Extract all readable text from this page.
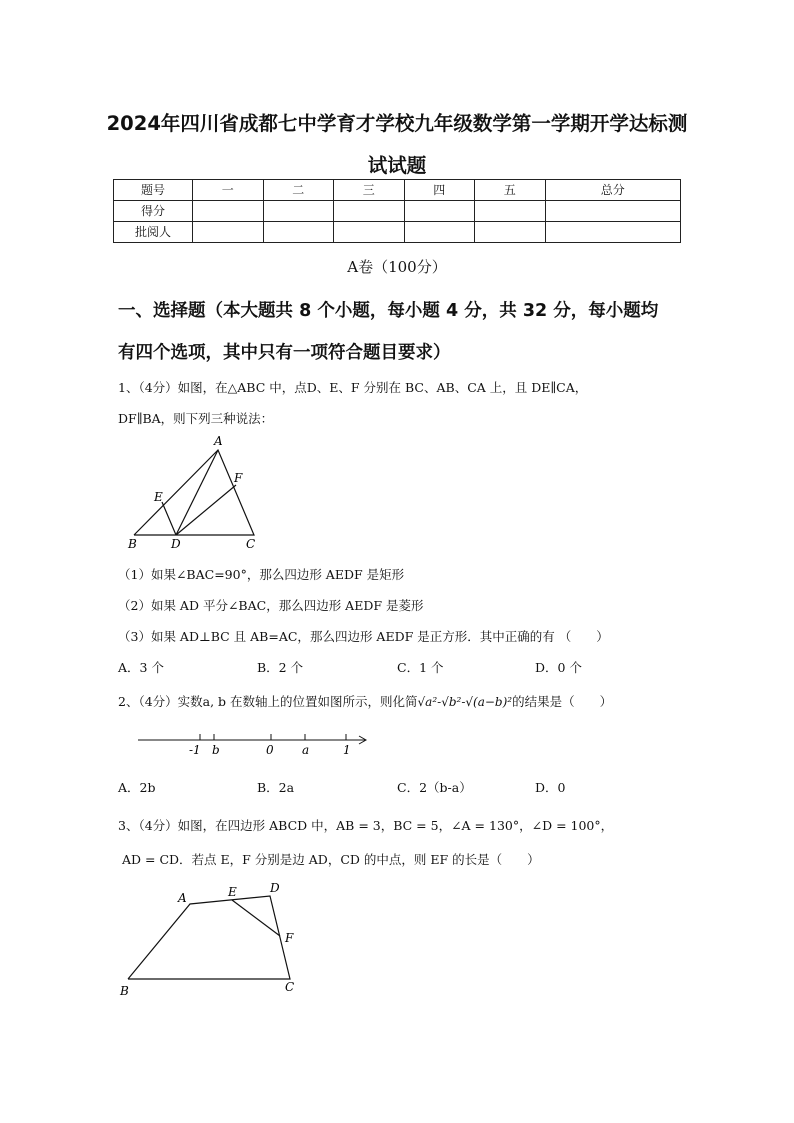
2024年四川省成都七中学育才学校九年级数学第一学期开学达标测
试试题
题号	一	二	三	四	五	总分
得分						
批阅人						
A卷（100分）
一、选择题（本大题共 8 个小题，每小题 4 分，共 32 分，每小题均
有四个选项，其中只有一项符合题目要求）
1、（4分）如图，在△ABC 中，点D、E、F 分别在 BC、AB、CA 上，且 DE∥CA，
DF∥BA，则下列三种说法：
A
E
F
B	D	C
（1）如果∠BAC=90°，那么四边形 AEDF 是矩形
（2）如果 AD 平分∠BAC，那么四边形 AEDF 是菱形
（3）如果 AD⊥BC 且 AB=AC，那么四边形 AEDF 是正方形．其中正确的有 （　　）
A．3 个	B．2 个	C．1 个	D．0 个
2、（4分）实数a, b 在数轴上的位置如图所示，则化简√a²-√b²-√(a−b)²的结果是（　　）
-1 b	0 a	1
A．2b	B．2a	C．2（b-a）	D．0
3、（4分）如图，在四边形 ABCD 中，AB = 3，BC = 5，∠A = 130°，∠D = 100°，
AD = CD．若点 E，F 分别是边 AD，CD 的中点，则 EF 的长是（　　）
A	E	D
F
B	C
